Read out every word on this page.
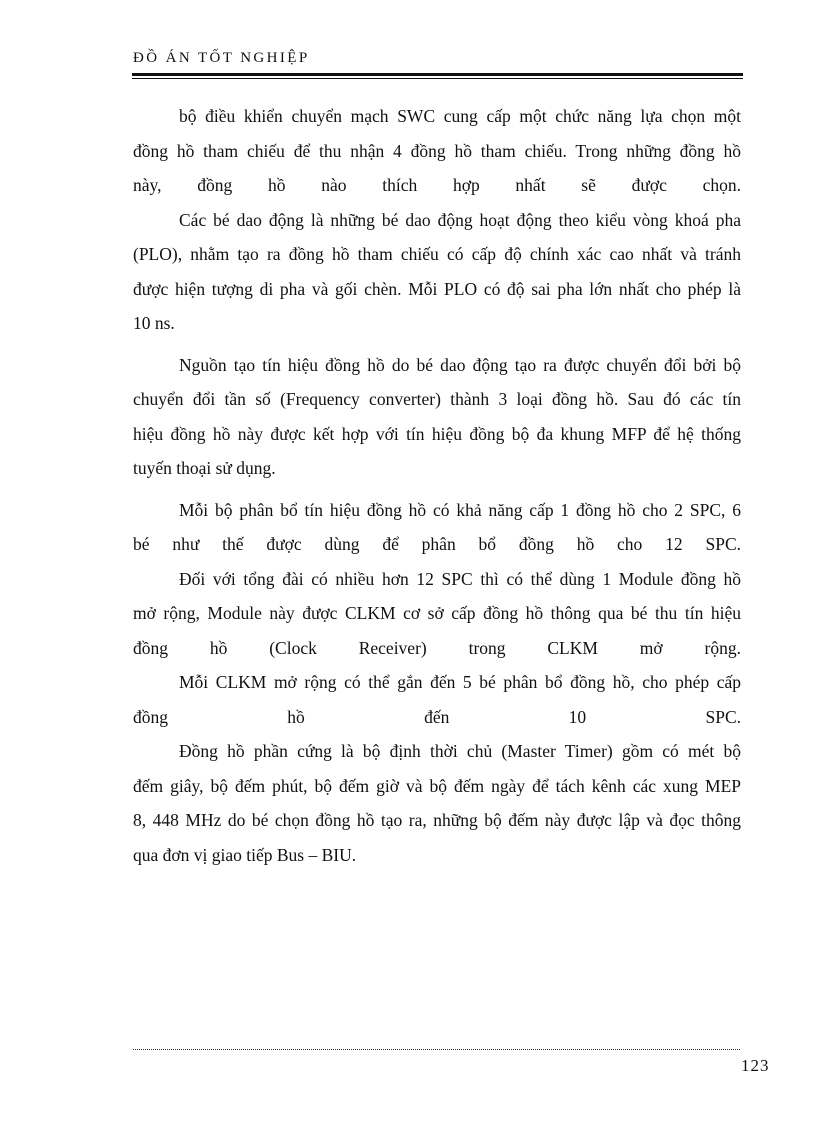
ĐỒ ÁN TỐT NGHIỆP
bộ điều khiển chuyển mạch SWC cung cấp một chức năng lựa chọn một
đồng hồ tham chiếu để thu nhận 4 đồng hồ tham chiếu. Trong những đồng hồ
này, đồng hồ nào thích hợp nhất sẽ được chọn.
Các bé dao động là những bé dao động hoạt động theo kiểu vòng khoá pha
(PLO), nhằm tạo ra đồng hồ tham chiếu có cấp độ chính xác cao nhất và tránh
được hiện tượng di pha và gối chèn. Mỗi PLO có độ sai pha lớn nhất cho phép là
10 ns.
Nguồn tạo tín hiệu đồng hồ do bé dao động tạo ra được chuyển đổi bởi bộ
chuyển đổi tần số (Frequency converter) thành 3 loại đồng hồ. Sau đó các tín
hiệu đồng hồ này được kết hợp với tín hiệu đồng bộ đa khung MFP để hệ thống
tuyến thoại sử dụng.
Mỗi bộ phân bổ tín hiệu đồng hồ có khả năng cấp 1 đồng hồ cho 2 SPC, 6
bé như thế được dùng để phân bổ đồng hồ cho 12 SPC.
Đối với tổng đài có nhiều hơn 12 SPC thì có thể dùng 1 Module đồng hồ
mở rộng, Module này được CLKM cơ sở cấp đồng hồ thông qua bé thu tín hiệu
đồng hồ (Clock Receiver) trong CLKM mở rộng.
Mỗi CLKM mở rộng có thể gắn đến 5 bé phân bổ đồng hồ, cho phép cấp
đồng hồ đến 10 SPC.
Đồng hồ phần cứng là bộ định thời chủ (Master Timer) gồm có mét bộ
đếm giây, bộ đếm phút, bộ đếm giờ và bộ đếm ngày để tách kênh các xung MEP
8, 448 MHz do bé chọn đồng hồ tạo ra, những bộ đếm này được lập và đọc thông
qua đơn vị giao tiếp Bus – BIU.
123
